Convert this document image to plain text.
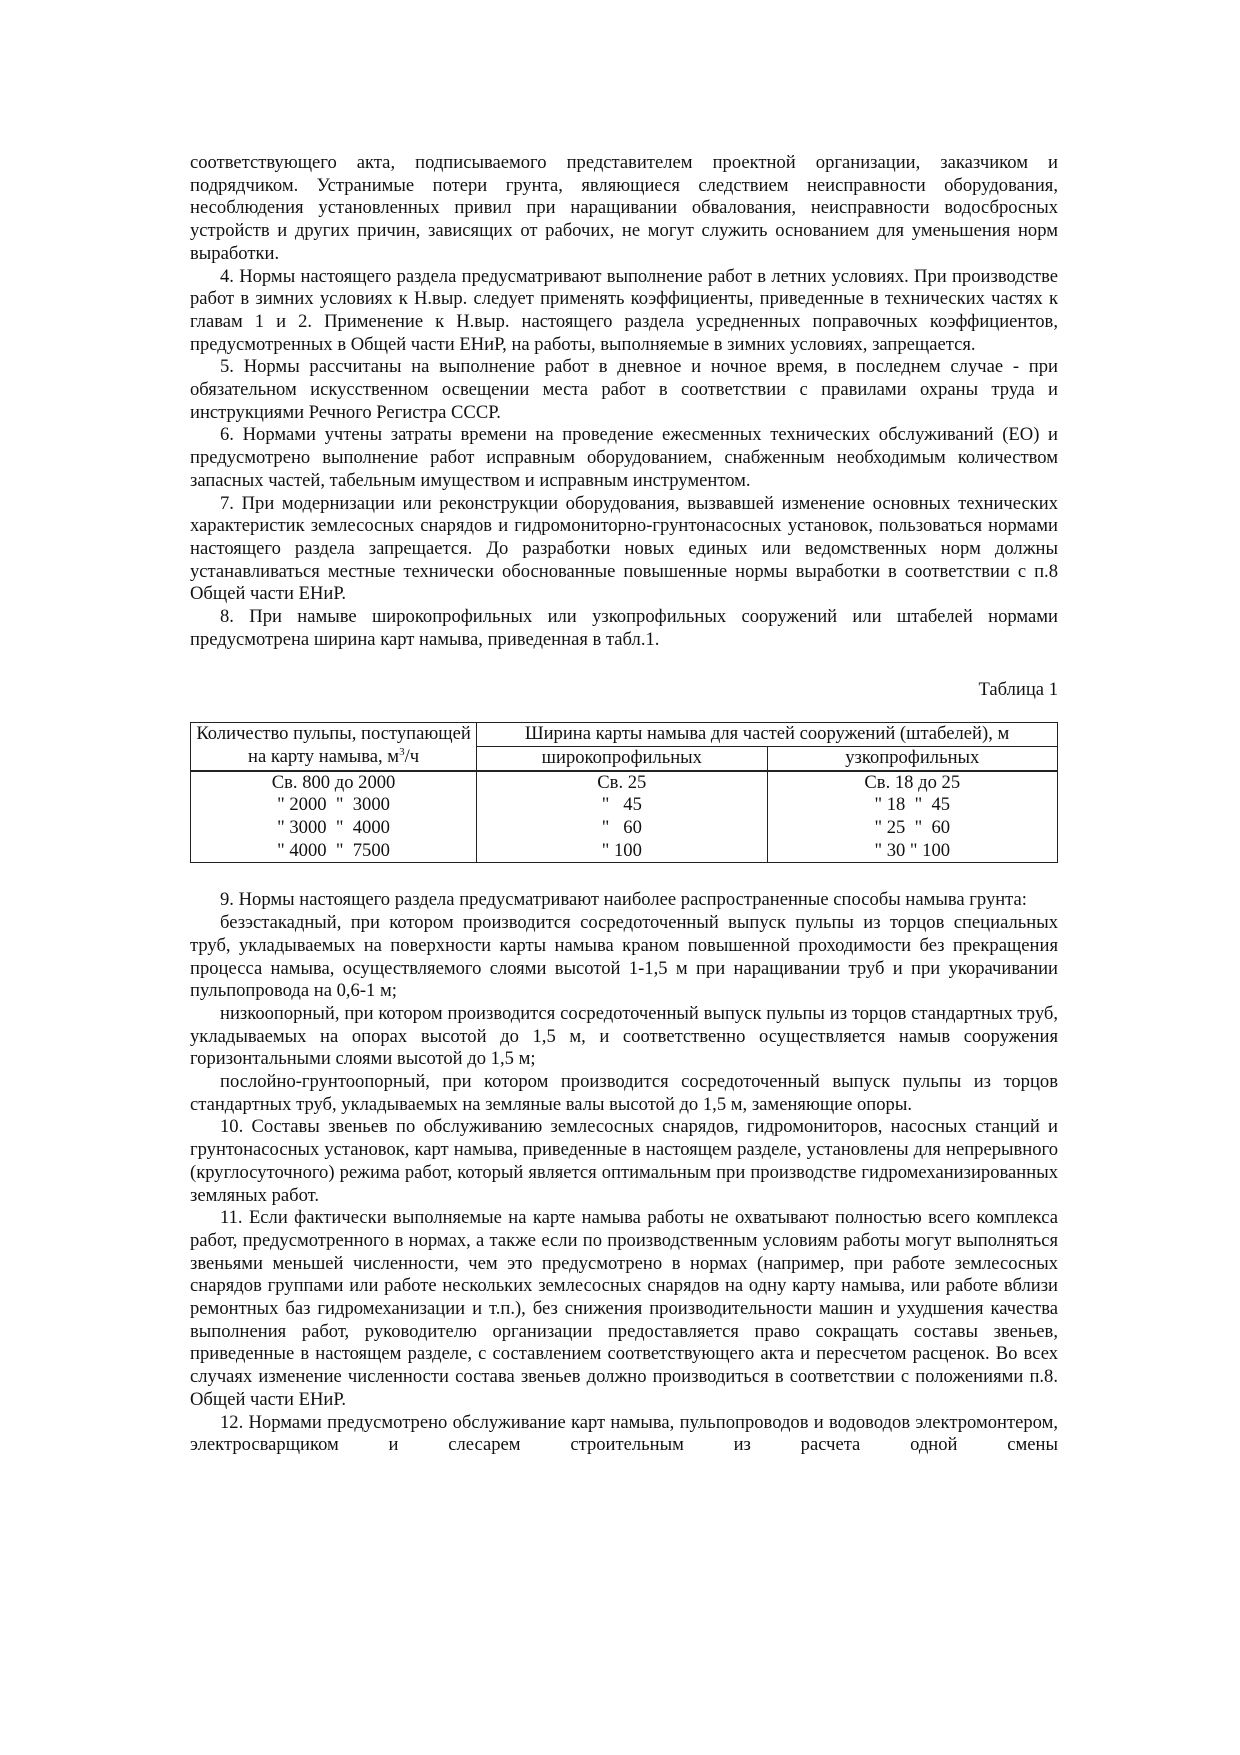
соответствующего акта, подписываемого представителем проектной организации, заказчиком и подрядчиком. Устранимые потери грунта, являющиеся следствием неисправности оборудования, несоблюдения установленных привил при наращивании обвалования, неисправности водосбросных устройств и других причин, зависящих от рабочих, не могут служить основанием для уменьшения норм выработки.

4. Нормы настоящего раздела предусматривают выполнение работ в летних условиях. При производстве работ в зимних условиях к Н.выр. следует применять коэффициенты, приведенные в технических частях к главам 1 и 2. Применение к Н.выр. настоящего раздела усредненных поправочных коэффициентов, предусмотренных в Общей части ЕНиР, на работы, выполняемые в зимних условиях, запрещается.

5. Нормы рассчитаны на выполнение работ в дневное и ночное время, в последнем случае - при обязательном искусственном освещении места работ в соответствии с правилами охраны труда и инструкциями Речного Регистра СССР.

6. Нормами учтены затраты времени на проведение ежесменных технических обслуживаний (ЕО) и предусмотрено выполнение работ исправным оборудованием, снабженным необходимым количеством запасных частей, табельным имуществом и исправным инструментом.

7. При модернизации или реконструкции оборудования, вызвавшей изменение основных технических характеристик землесосных снарядов и гидромониторно-грунтонасосных установок, пользоваться нормами настоящего раздела запрещается. До разработки новых единых или ведомственных норм должны устанавливаться местные технически обоснованные повышенные нормы выработки в соответствии с п.8 Общей части ЕНиР.

8. При намыве широкопрофильных или узкопрофильных сооружений или штабелей нормами предусмотрена ширина карт намыва, приведенная в табл.1.

Таблица 1
Количество пульпы, поступающей на карту намыва, $м^3/ч$	Ширина карты намыва для частей сооружений (штабелей), м	
	широкопрофильных	узкопрофильных
Св. 800 до 2000	Св. 25	Св. 18 до 25
" 2000  "  3000	"   45	" 18  "  45
" 3000  "  4000	"   60	" 25  "  60
" 4000  "  7500	" 100	" 30 " 100

9. Нормы настоящего раздела предусматривают наиболее распространенные способы намыва грунта:

безэстакадный, при котором производится сосредоточенный выпуск пульпы из торцов специальных труб, укладываемых на поверхности карты намыва краном повышенной проходимости без прекращения процесса намыва, осуществляемого слоями высотой 1-1,5 м при наращивании труб и при укорачивании пульпопровода на 0,6-1 м;

низкоопорный, при котором производится сосредоточенный выпуск пульпы из торцов стандартных труб, укладываемых на опорах высотой до 1,5 м, и соответственно осуществляется намыв сооружения горизонтальными слоями высотой до 1,5 м;

послойно-грунтоопорный, при котором производится сосредоточенный выпуск пульпы из торцов стандартных труб, укладываемых на земляные валы высотой до 1,5 м, заменяющие опоры.

10. Составы звеньев по обслуживанию землесосных снарядов, гидромониторов, насосных станций и грунтонасосных установок, карт намыва, приведенные в настоящем разделе, установлены для непрерывного (круглосуточного) режима работ, который является оптимальным при производстве гидромеханизированных земляных работ.

11. Если фактически выполняемые на карте намыва работы не охватывают полностью всего комплекса работ, предусмотренного в нормах, а также если по производственным условиям работы могут выполняться звеньями меньшей численности, чем это предусмотрено в нормах (например, при работе землесосных снарядов группами или работе нескольких землесосных снарядов на одну карту намыва, или работе вблизи ремонтных баз гидромеханизации и т.п.), без снижения производительности машин и ухудшения качества выполнения работ, руководителю организации предоставляется право сокращать составы звеньев, приведенные в настоящем разделе, с составлением соответствующего акта и пересчетом расценок. Во всех случаях изменение численности состава звеньев должно производиться в соответствии с положениями п.8. Общей части ЕНиР.

12. Нормами предусмотрено обслуживание карт намыва, пульпопроводов и водоводов электромонтером, электросварщиком и слесарем строительным из расчета одной смены
